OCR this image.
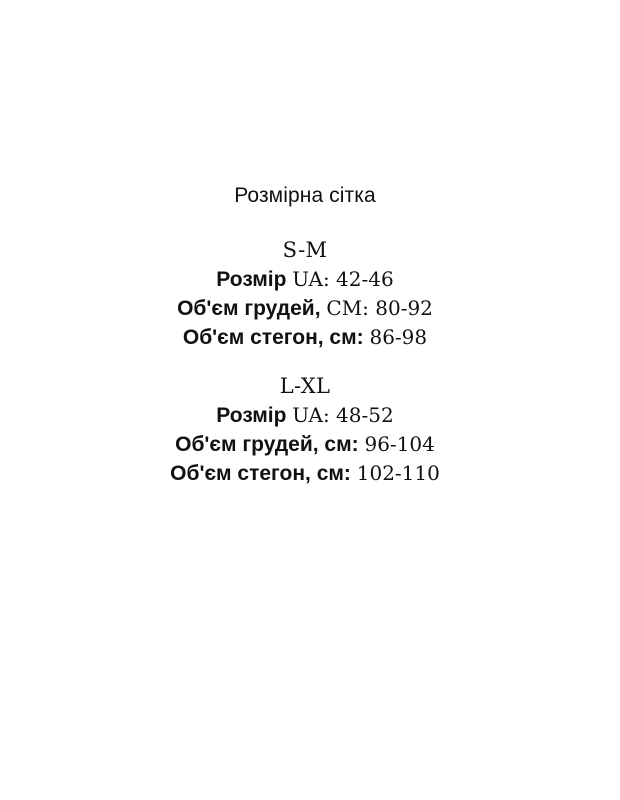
Розмірна сітка
S-M
Розмір UA: 42-46
Об'єм грудей, CM: 80-92
Об'єм стегон, см: 86-98
L-XL
Розмір UA: 48-52
Об'єм грудей, см: 96-104
Об'єм стегон, см: 102-110
